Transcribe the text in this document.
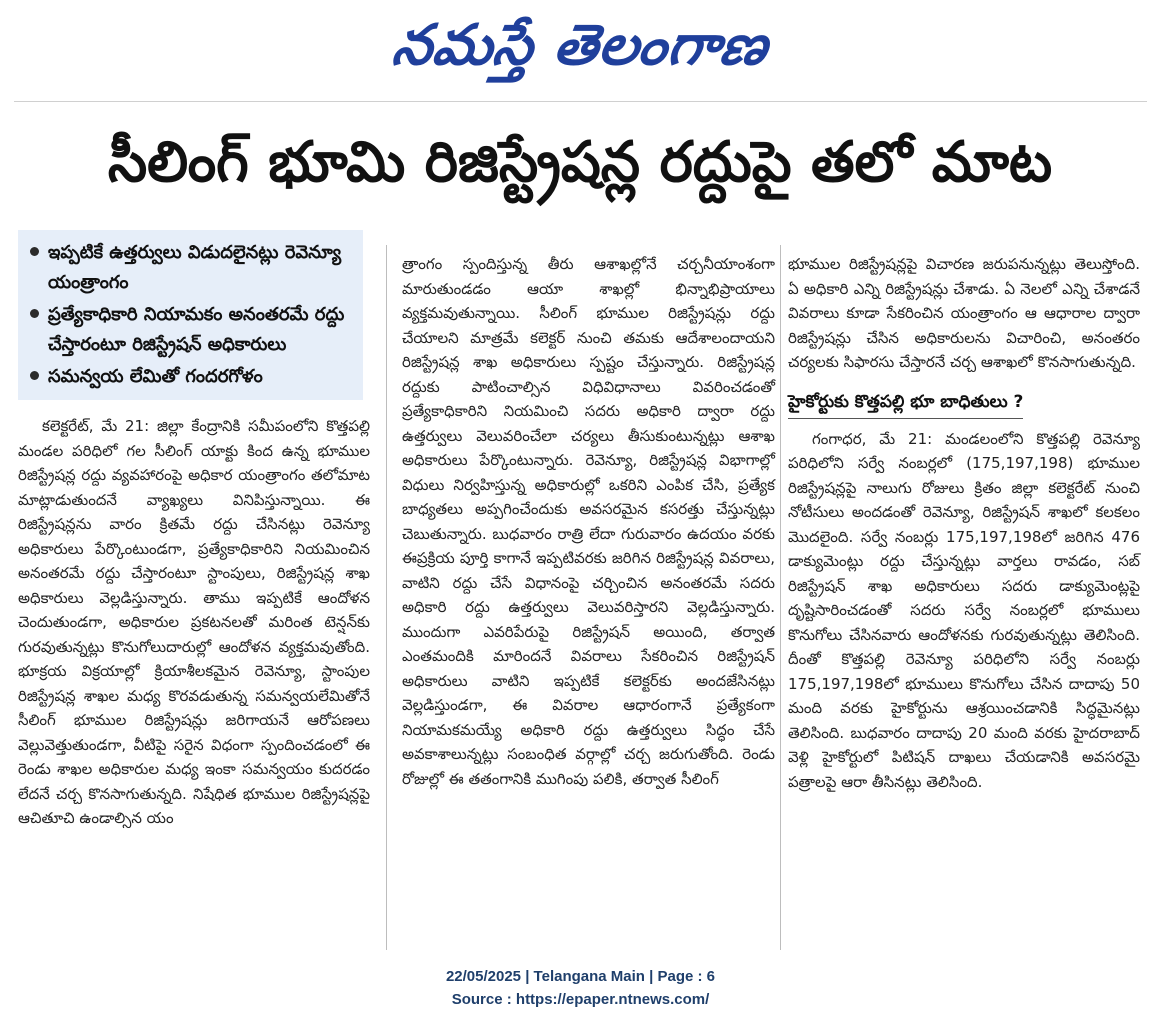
నమస్తే తెలంగాణ
సీలింగ్ భూమి రిజిస్ట్రేషన్ల రద్దుపై తలో మాట
ఇప్పటికే ఉత్తర్వులు విడుదలైనట్లు రెవెన్యూ యంత్రాంగం
ప్రత్యేకాధికారి నియామకం అనంతరమే రద్దు చేస్తారంటూ రిజిస్ట్రేషన్ అధికారులు
సమన్వయ లేమితో గందరగోళం

కలెక్టరేట్, మే 21: జిల్లా కేంద్రానికి సమీపంలోని కొత్తపల్లి మండల పరిధిలో గల సీలింగ్ యాక్టు కింద ఉన్న భూముల రిజిస్ట్రేషన్ల రద్దు వ్యవహారంపై అధికార యంత్రాంగం తలోమాట మాట్లాడుతుందనే వ్యాఖ్యలు వినిపిస్తున్నాయి. ఈ రిజిస్ట్రేషన్లను వారం క్రితమే రద్దు చేసినట్లు రెవెన్యూ అధికారులు పేర్కొంటుండగా, ప్రత్యేకాధికారిని నియమించిన అనంతరమే రద్దు చేస్తారంటూ స్టాంపులు, రిజిస్ట్రేషన్ల శాఖ అధికారులు వెల్లడిస్తున్నారు. తాము ఇప్పటికే ఆందోళన చెందుతుండగా, అధికారుల ప్రకటనలతో మరింత టెన్షన్‌కు గురవుతున్నట్లు కొనుగోలుదారుల్లో ఆందోళన వ్యక్తమవుతోంది. భూక్రయ విక్రయాల్లో క్రియాశీలకమైన రెవెన్యూ, స్టాంపుల రిజిస్ట్రేషన్ల శాఖల మధ్య కొరవడుతున్న సమన్వయలేమితోనే సీలింగ్ భూముల రిజిస్ట్రేషన్లు జరిగాయనే ఆరోపణలు వెల్లువెత్తుతుండగా, వీటిపై సరైన విధంగా స్పందించడంలో ఈ రెండు శాఖల అధికారుల మధ్య ఇంకా సమన్వయం కుదరడం లేదనే చర్చ కొనసాగుతున్నది. నిషేధిత భూముల రిజిస్ట్రేషన్లపై ఆచితూచి ఉండాల్సిన యం

త్రాంగం స్పందిస్తున్న తీరు ఆశాఖల్లోనే చర్చనీయాంశంగా మారుతుండడం ఆయా శాఖల్లో భిన్నాభిప్రాయాలు వ్యక్తమవుతున్నాయి. సీలింగ్ భూముల రిజిస్ట్రేషన్లు రద్దు చేయాలని మాత్రమే కలెక్టర్ నుంచి తమకు ఆదేశాలందాయని రిజిస్ట్రేషన్ల శాఖ అధికారులు స్పష్టం చేస్తున్నారు. రిజిస్ట్రేషన్ల రద్దుకు పాటించాల్సిన విధివిధానాలు వివరించడంతో ప్రత్యేకాధికారిని నియమించి సదరు అధికారి ద్వారా రద్దు ఉత్తర్వులు వెలువరించేలా చర్యలు తీసుకుంటున్నట్లు ఆశాఖ అధికారులు పేర్కొంటున్నారు. రెవెన్యూ, రిజిస్ట్రేషన్ల విభాగాల్లో విధులు నిర్వహిస్తున్న అధికారుల్లో ఒకరిని ఎంపిక చేసి, ప్రత్యేక బాధ్యతలు అప్పగించేందుకు అవసరమైన కసరత్తు చేస్తున్నట్లు చెబుతున్నారు. బుధవారం రాత్రి లేదా గురువారం ఉదయం వరకు ఈప్రక్రియ పూర్తి కాగానే ఇప్పటివరకు జరిగిన రిజిస్ట్రేషన్ల వివరాలు, వాటిని రద్దు చేసే విధానంపై చర్చించిన అనంతరమే సదరు అధికారి రద్దు ఉత్తర్వులు వెలువరిస్తారని వెల్లడిస్తున్నారు. ముందుగా ఎవరిపేరుపై రిజిస్ట్రేషన్ అయింది, తర్వాత ఎంతమందికి మారిందనే వివరాలు సేకరించిన రిజిస్ట్రేషన్ అధికారులు వాటిని ఇప్పటికే కలెక్టర్‌కు అందజేసినట్లు వెల్లడిస్తుండగా, ఈ వివరాల ఆధారంగానే ప్రత్యేకంగా నియామకమయ్యే అధికారి రద్దు ఉత్తర్వులు సిద్ధం చేసే అవకాశాలున్నట్లు సంబంధిత వర్గాల్లో చర్చ జరుగుతోంది. రెండు రోజుల్లో ఈ తతంగానికి ముగింపు పలికి, తర్వాత సీలింగ్

భూముల రిజిస్ట్రేషన్లపై విచారణ జరుపనున్నట్లు తెలుస్తోంది. ఏ అధికారి ఎన్ని రిజిస్ట్రేషన్లు చేశాడు. ఏ నెలలో ఎన్ని చేశాడనే వివరాలు కూడా సేకరించిన యంత్రాంగం ఆ ఆధారాల ద్వారా రిజిస్ట్రేషన్లు చేసిన అధికారులను విచారించి, అనంతరం చర్యలకు సిఫారసు చేస్తారనే చర్చ ఆశాఖలో కొనసాగుతున్నది.

హైకోర్టుకు కొత్తపల్లి భూ బాధితులు ?

గంగాధర, మే 21: మండలంలోని కొత్తపల్లి రెవెన్యూ పరిధిలోని సర్వే నంబర్లలో (175,197,198) భూముల రిజిస్ట్రేషన్లపై నాలుగు రోజులు క్రితం జిల్లా కలెక్టరేట్ నుంచి నోటీసులు అందడంతో రెవెన్యూ, రిజిస్ట్రేషన్ శాఖలో కలకలం మొదలైంది. సర్వే నంబర్లు 175,197,198లో జరిగిన 476 డాక్యుమెంట్లు రద్దు చేస్తున్నట్లు వార్తలు రావడం, సబ్ రిజిస్ట్రేషన్ శాఖ అధికారులు సదరు డాక్యుమెంట్లపై దృష్టిసారించడంతో సదరు సర్వే నంబర్లలో భూములు కొనుగోలు చేసినవారు ఆందోళనకు గురవుతున్నట్లు తెలిసింది. దీంతో కొత్తపల్లి రెవెన్యూ పరిధిలోని సర్వే నంబర్లు 175,197,198లో భూములు కొనుగోలు చేసిన దాదాపు 50 మంది వరకు హైకోర్టును ఆశ్రయించడానికి సిద్ధమైనట్లు తెలిసింది. బుధవారం దాదాపు 20 మంది వరకు హైదరాబాద్ వెళ్లి హైకోర్టులో పిటిషన్ దాఖలు చేయడానికి అవసరమై పత్రాలపై ఆరా తీసినట్లు తెలిసింది.

22/05/2025 | Telangana Main | Page : 6
Source : https://epaper.ntnews.com/
